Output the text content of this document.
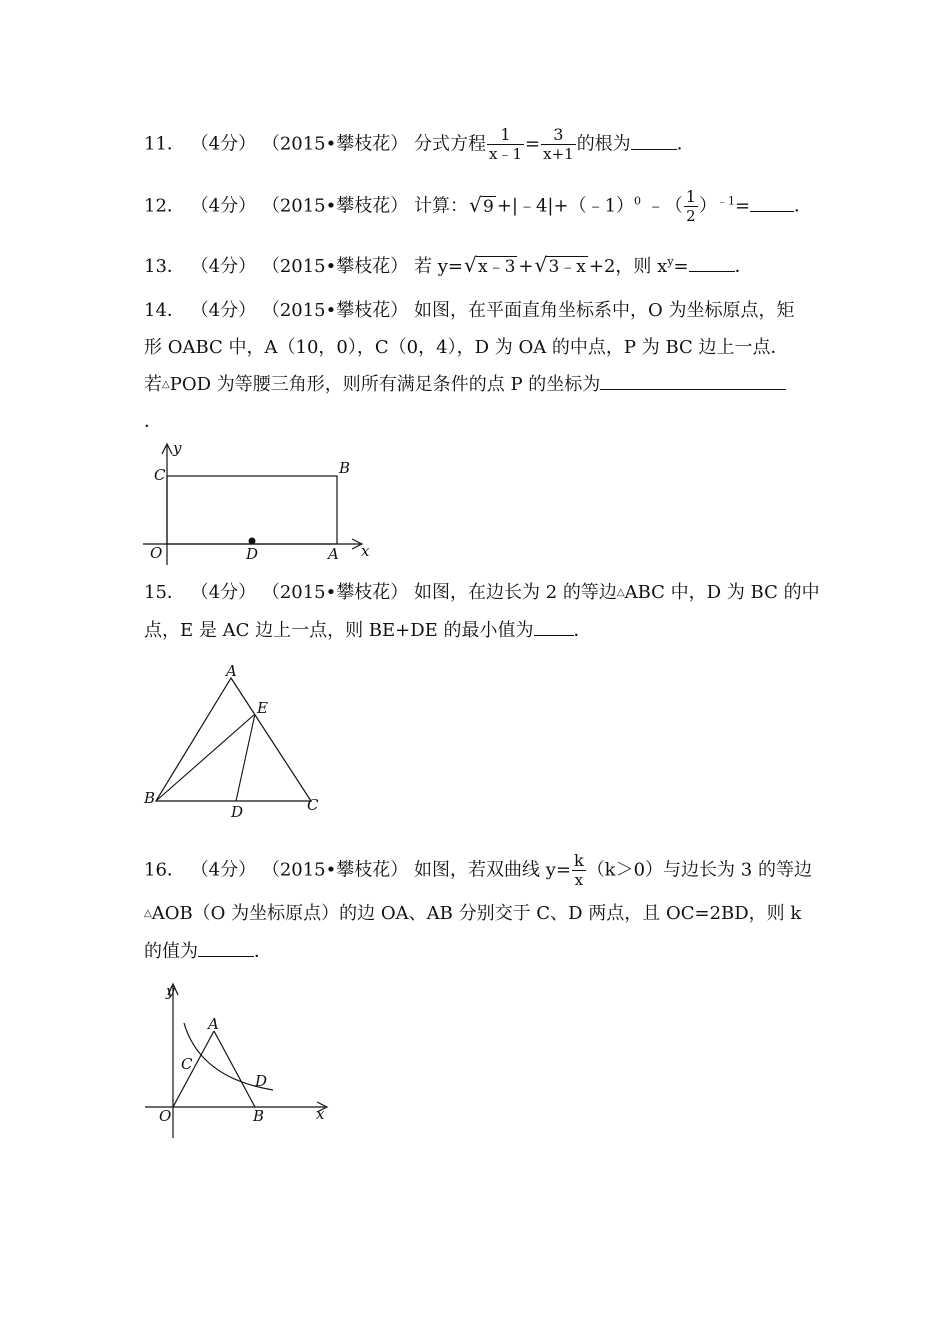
11． （4分） （2015•攀枝花） 分式方程 $\frac{1}{x﹣1} = \frac{3}{x+1}$ 的根为	．
12． （4分） （2015•攀枝花） 计算： √ 9 +|﹣4|+（﹣1）$^0$ ﹣（ $\frac{1}{2} )^{﹣1}=$ ．
13． （4分） （2015•攀枝花） 若 y= √ x﹣3 + √ 3﹣x +2，则 $x^y=$	．
14． （4分） （2015•攀枝花） 如图，在平面直角坐标系中，O 为坐标原点，矩
形 OABC 中，A（10，0），C（0，4），D 为 OA 的中点，P 为 BC 边上一点．
若△POD 为等腰三角形，则所有满足条件的点 P 的坐标为
．
y
x
C	B
O	D	A
15． （4分） （2015•攀枝花） 如图，在边长为 2 的等边△ABC 中，D 为 BC 的中
点，E 是 AC 边上一点，则 BE+DE 的最小值为 ．
A
E
B
D	C
16． （4分） （2015•攀枝花） 如图，若双曲线 $y= \frac{k}{x} (k>0)$与边长为 3 的等边
△AOB（O 为坐标原点）的边 OA、AB 分别交于 C、D 两点，且 OC=2BD，则 k
的值为	．
y
x
A
C
D
O	B
